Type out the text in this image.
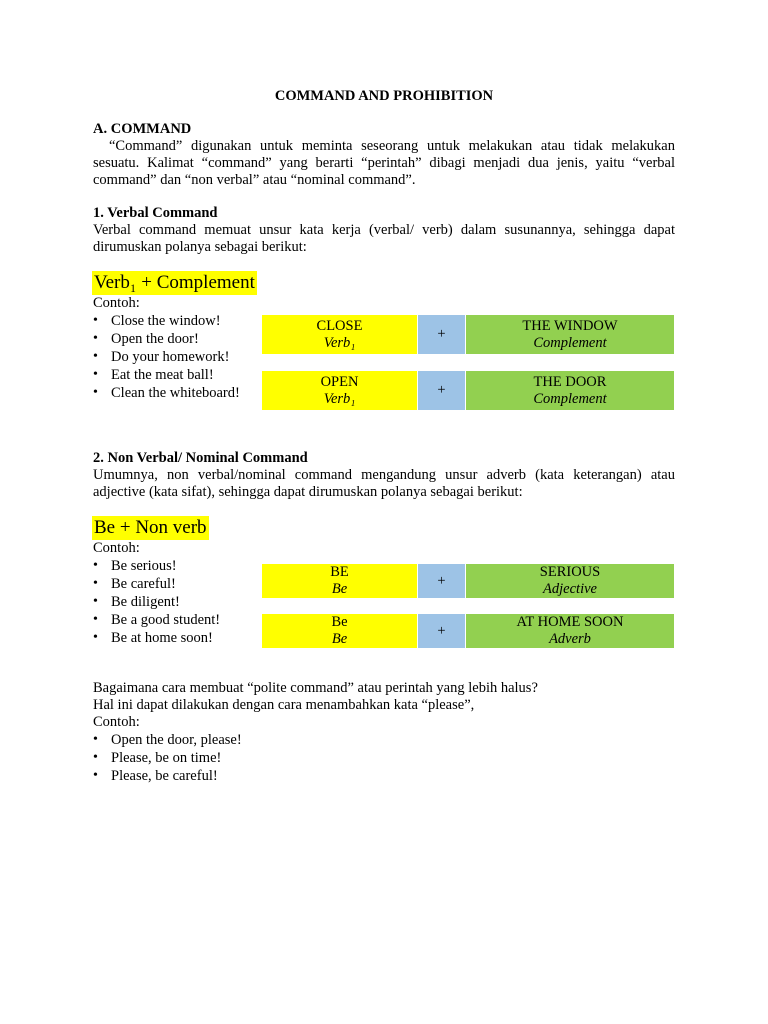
COMMAND AND PROHIBITION
A. COMMAND
“Command” digunakan untuk meminta seseorang untuk melakukan atau tidak melakukan
sesuatu. Kalimat “command” yang berarti “perintah” dibagi menjadi dua jenis, yaitu “verbal
command” dan “non verbal” atau “nominal command”.
1. Verbal Command
Verbal command memuat unsur kata kerja (verbal/ verb) dalam susunannya, sehingga dapat
dirumuskan polanya sebagai berikut:
Verb₁ + Complement
Contoh:
• Close the window!
• Open the door!
• Do your homework!
• Eat the meat ball!
• Clean the whiteboard!
CLOSE
Verb₁
+
THE WINDOW
Complement
OPEN
Verb₁
+
THE DOOR
Complement
2. Non Verbal/ Nominal Command
Umumnya, non verbal/nominal command mengandung unsur adverb (kata keterangan) atau
adjective (kata sifat), sehingga dapat dirumuskan polanya sebagai berikut:
Be + Non verb
Contoh:
• Be serious!
• Be careful!
• Be diligent!
• Be a good student!
• Be at home soon!
BE
Be
+
SERIOUS
Adjective
Be
Be
+
AT HOME SOON
Adverb
Bagaimana cara membuat “polite command” atau perintah yang lebih halus?
Hal ini dapat dilakukan dengan cara menambahkan kata “please”,
Contoh:
• Open the door, please!
• Please, be on time!
• Please, be careful!
